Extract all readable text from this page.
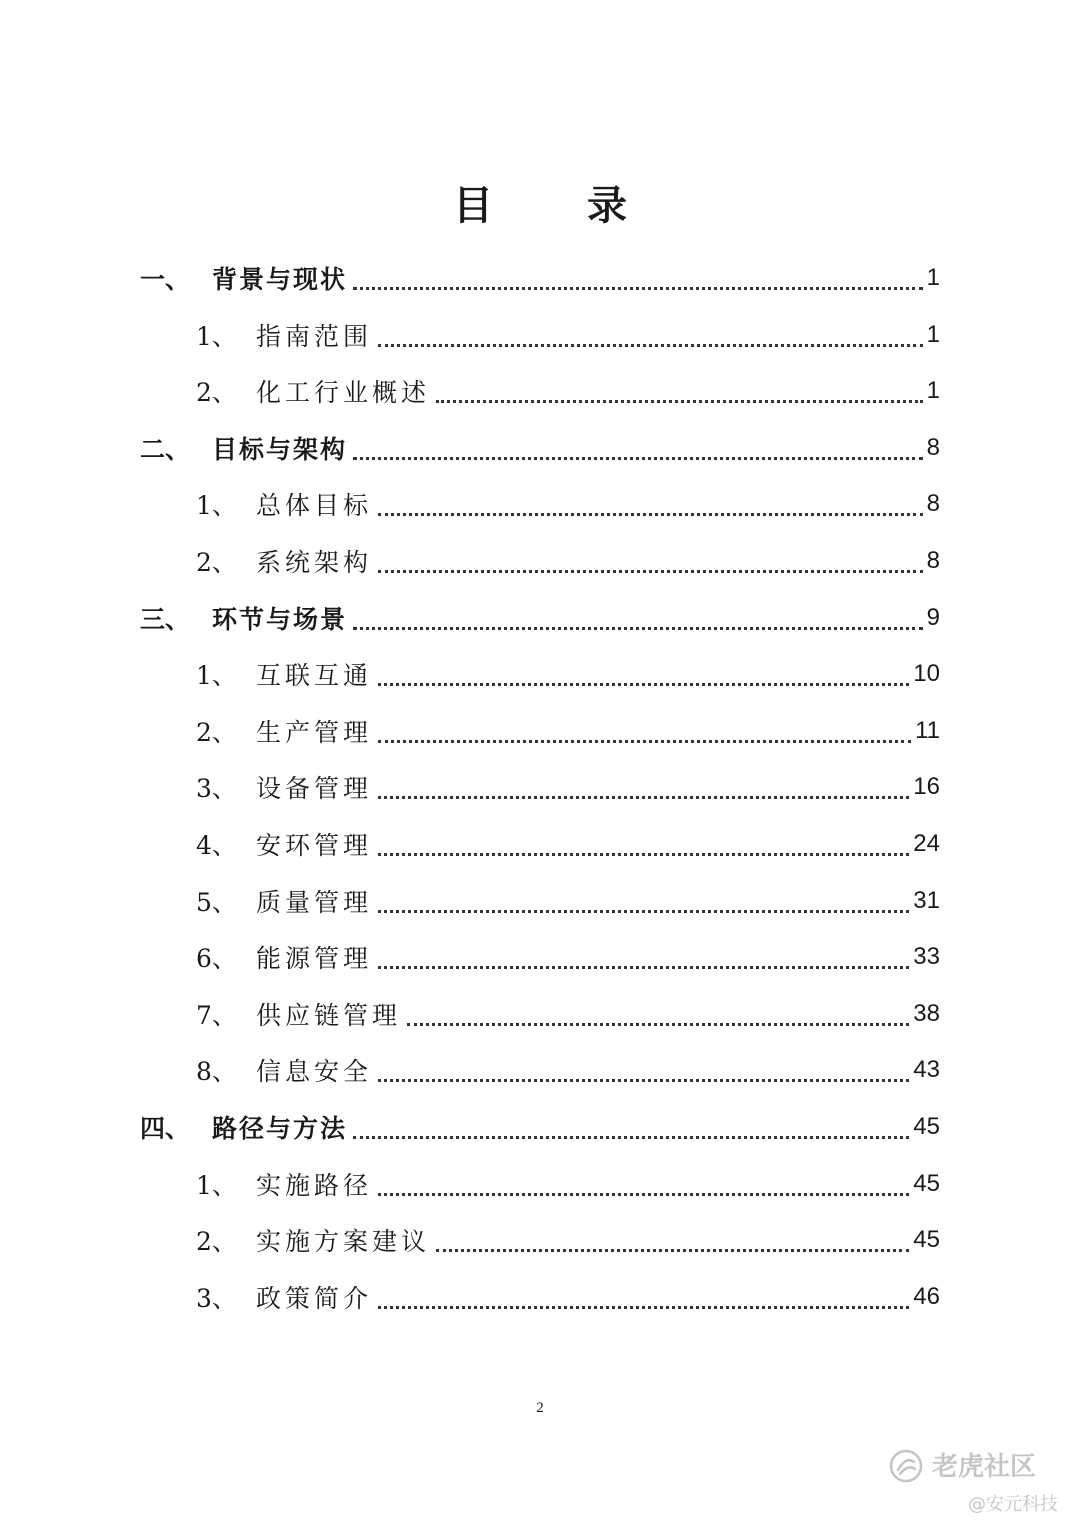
目 录
一、 背景与现状	1
1、 指南范围	1
2、 化工行业概述	1
二、 目标与架构	8
1、 总体目标	8
2、 系统架构	8
三、 环节与场景	9
1、 互联互通	10
2、 生产管理	11
3、 设备管理	16
4、 安环管理	24
5、 质量管理	31
6、 能源管理	33
7、 供应链管理	38
8、 信息安全	43
四、 路径与方法	45
1、 实施路径	45
2、 实施方案建议	45
3、 政策简介	46
2
老虎社区
@安元科技
